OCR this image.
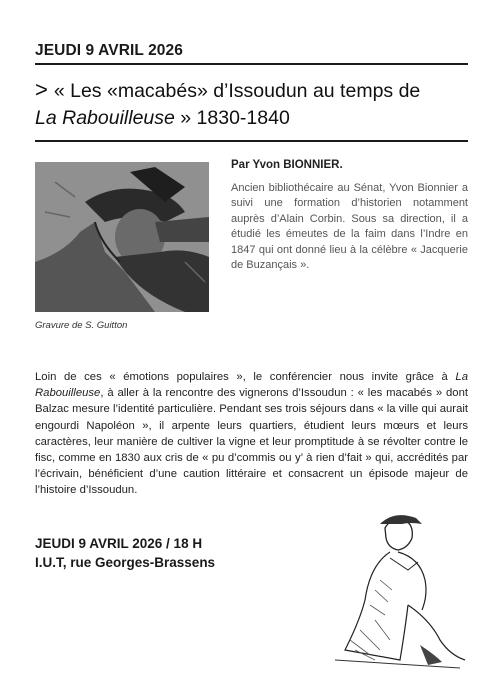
JEUDI 9 AVRIL 2026
> « Les «macabés» d’Issoudun au temps de
La Rabouilleuse » 1830-1840
Gravure de S. Guitton
Par Yvon BIONNIER.
Ancien bibliothécaire au Sénat, Yvon Bionnier a suivi une formation d’historien notamment auprès d’Alain Corbin. Sous sa direction, il a étudié les émeutes de la faim dans l’Indre en 1847 qui ont donné lieu à la célèbre « Jacquerie de Buzançais ».
Loin de ces « émotions populaires », le conférencier nous invite grâce à La Rabouilleuse, à aller à la rencontre des vignerons d’Issoudun : « les macabés » dont Balzac mesure l’identité particulière. Pendant ses trois séjours dans « la ville qui aurait engourdi Napoléon », il arpente leurs quartiers, étudient leurs mœurs et leurs caractères, leur manière de cultiver la vigne et leur promptitude à se révolter contre le fisc, comme en 1830 aux cris de « pu d’commis ou y’ à rien d’fait » qui, accrédités par l’écrivain, bénéficient d’une caution littéraire et consacrent un épisode majeur de l’histoire d’Issoudun.
JEUDI 9 AVRIL 2026 / 18 H
I.U.T, rue Georges-Brassens
